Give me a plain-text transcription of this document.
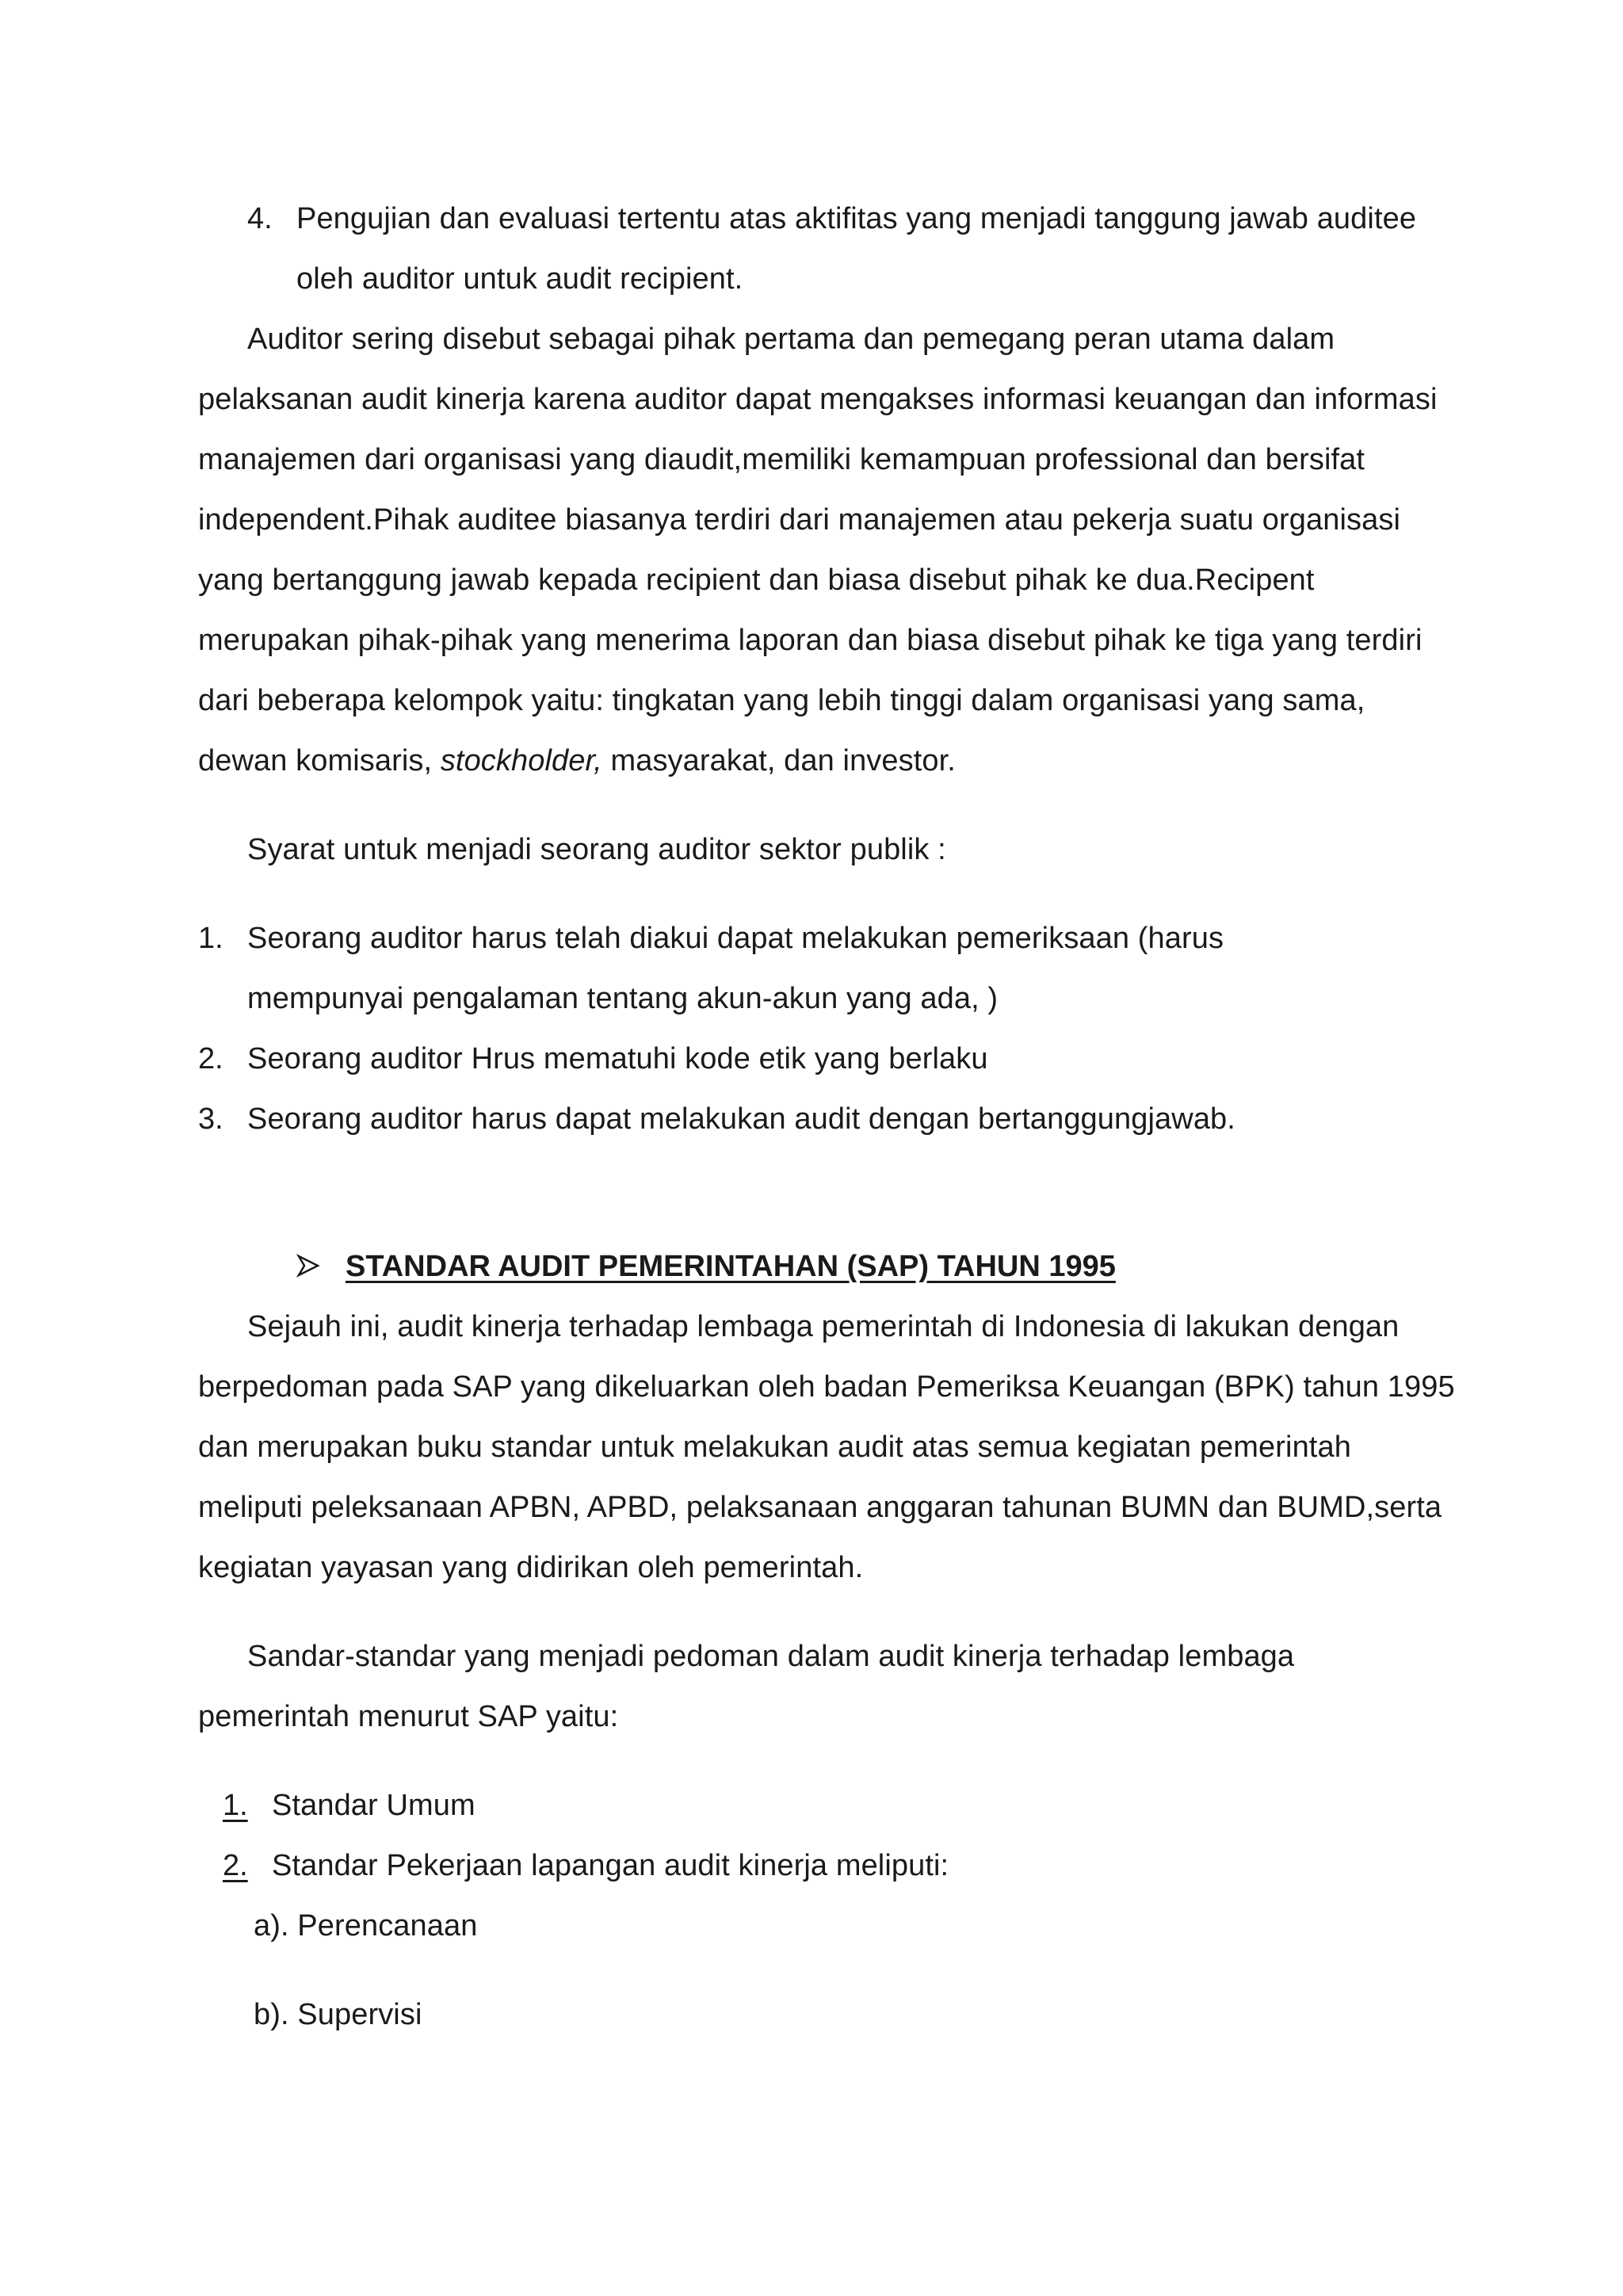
4. Pengujian dan evaluasi tertentu atas aktifitas yang menjadi tanggung jawab auditee
oleh auditor untuk audit recipient.
Auditor sering disebut sebagai pihak pertama dan pemegang peran utama dalam
pelaksanan audit kinerja karena auditor dapat mengakses informasi keuangan dan informasi
manajemen dari organisasi yang diaudit,memiliki kemampuan professional dan bersifat
independent.Pihak auditee biasanya terdiri dari manajemen atau pekerja suatu organisasi
yang bertanggung jawab kepada recipient dan biasa disebut pihak ke dua.Recipent
merupakan pihak-pihak yang menerima laporan dan biasa disebut pihak ke tiga yang terdiri
dari beberapa kelompok yaitu: tingkatan yang lebih tinggi dalam organisasi yang sama,
dewan komisaris, stockholder, masyarakat, dan investor.
Syarat untuk menjadi seorang auditor sektor publik :
1. Seorang auditor harus telah diakui dapat melakukan pemeriksaan (harus
mempunyai pengalaman tentang akun-akun yang ada, )
2. Seorang auditor Hrus mematuhi kode etik yang berlaku
3. Seorang auditor harus dapat melakukan audit dengan bertanggungjawab.
STANDAR AUDIT PEMERINTAHAN (SAP) TAHUN 1995
Sejauh ini, audit kinerja terhadap lembaga pemerintah di Indonesia di lakukan dengan
berpedoman pada SAP yang dikeluarkan oleh badan Pemeriksa Keuangan (BPK) tahun 1995
dan merupakan buku standar untuk melakukan audit atas semua kegiatan pemerintah
meliputi peleksanaan APBN, APBD, pelaksanaan anggaran tahunan BUMN dan BUMD,serta
kegiatan yayasan yang didirikan oleh pemerintah.
Sandar-standar yang menjadi pedoman dalam audit kinerja terhadap lembaga
pemerintah menurut SAP yaitu:
1. Standar Umum
2. Standar Pekerjaan lapangan audit kinerja meliputi:
a). Perencanaan
b). Supervisi
